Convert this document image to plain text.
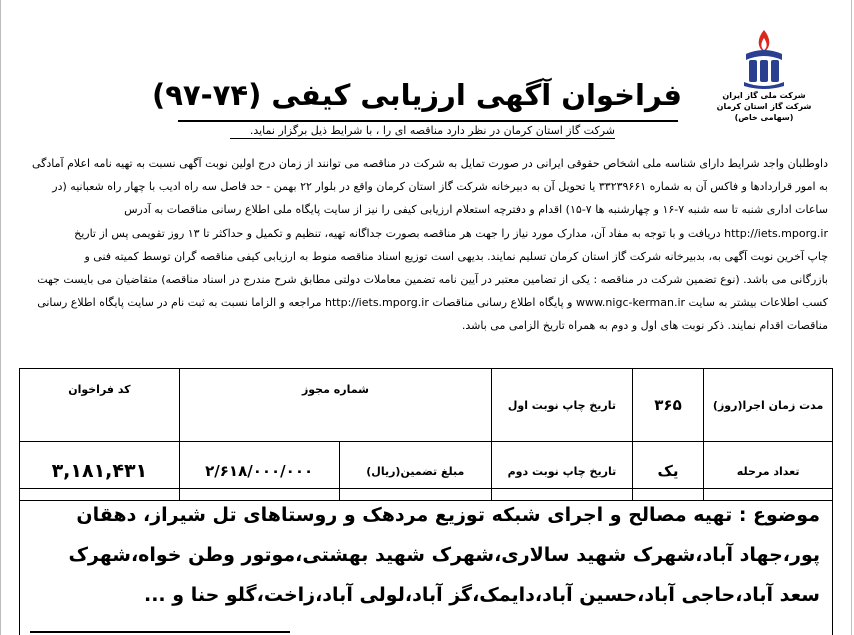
شرکت ملی گاز ایران
شرکت گاز استان کرمان
(سهامی خاص)
فراخوان آگهی ارزیابی کیفی (۷۴-۹۷)
شرکت گاز استان کرمان در نظر دارد مناقصه ای را ، با شرایط ذیل برگزار نماید.
داوطلبان واجد شرایط دارای شناسه ملی اشخاص حقوقی ایرانی در صورت تمایل به شرکت در مناقصه می توانند از زمان درج اولین نوبت آگهی نسبت به تهیه نامه اعلام آمادگی
به امور قراردادها و فاکس آن به شماره ۳۳۲۳۹۶۶۱ یا تحویل آن به دبیرخانه شرکت گاز استان کرمان واقع در بلوار ۲۲ بهمن - حد فاصل سه راه ادیب با چهار راه شعبانیه (در
ساعات اداری شنبه تا سه شنبه ۷-۱۶ و چهارشنبه ها ۷-۱۵) اقدام و دفترچه استعلام ارزیابی کیفی را نیز از سایت پایگاه ملی اطلاع رسانی مناقصات به آدرس
http://iets.mporg.ir دریافت و با توجه به مفاد آن، مدارک مورد نیاز را جهت هر مناقصه بصورت جداگانه تهیه، تنظیم و تکمیل و حداکثر تا ۱۳ روز تقویمی پس از تاریخ
چاپ آخرین نوبت آگهی به، بدبیرخانه شرکت گاز استان کرمان تسلیم نمایند. بدیهی است توزیع اسناد مناقصه منوط به ارزیابی کیفی مناقصه گران توسط کمیته فنی و
بازرگانی می باشد. (نوع تضمین شرکت در مناقصه : یکی از تضامین معتبر در آیین نامه تضمین معاملات دولتی مطابق شرح مندرج در اسناد مناقصه) متقاضیان می بایست جهت
کسب اطلاعات بیشتر به سایت www.nigc-kerman.ir و پایگاه اطلاع رسانی مناقصات http://iets.mporg.ir مراجعه و الزاما نسبت به ثبت نام در سایت پایگاه اطلاع رسانی
مناقصات اقدام نمایند. ذکر نوبت های اول و دوم به همراه تاریخ الزامی می باشد.
مدت زمان اجرا(روز)	۳۶۵	تاریخ چاپ نوبت اول	شماره مجوز		کد فراخوان
تعداد مرحله	یک	تاریخ چاپ نوبت دوم	مبلغ تضمین(ریال)	۲/۶۱۸/۰۰۰/۰۰۰	۳,۱۸۱,۴۳۱
موضوع : تهیه مصالح و اجرای شبکه توزیع مردهک و روستاهای تل شیراز، دهقان پور،جهاد آباد،شهرک شهید سالاری،شهرک شهید بهشتی،موتور وطن خواه،شهرک سعد آباد،حاجی آباد،حسین آباد،دایمک،گز آباد،لولی آباد،زاخت،گلو حنا و ...
